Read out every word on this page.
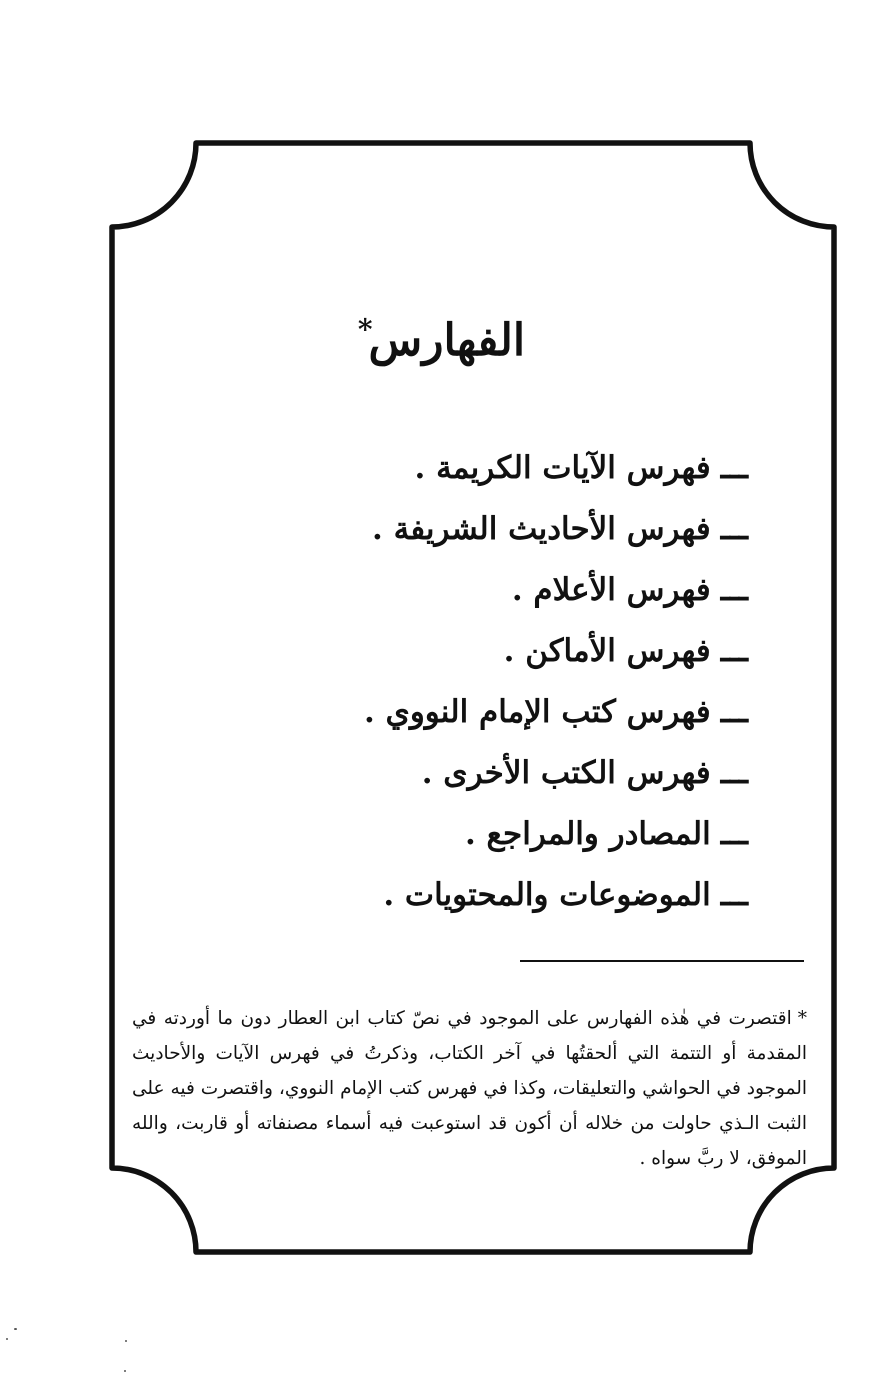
الفهارس*
ـــفهرس الآيات الكريمة .
ـــفهرس الأحاديث الشريفة .
ـــفهرس الأعلام .
ـــفهرس الأماكن .
ـــفهرس كتب الإمام النووي .
ـــفهرس الكتب الأخرى .
ـــالمصادر والمراجع .
ـــالموضوعات والمحتويات .

*اقتصرت في هٰذه الفهارس على الموجود في نصّ كتاب ابن العطار دون ما أوردته في المقدمة أو التتمة التي ألحقتُها في آخر الكتاب، وذكرتُ في فهرس الآيات والأحاديث الموجود في الحواشي والتعليقات، وكذا في فهرس كتب الإمام النووي، واقتصرت فيه على الثبت الـذي حاولت من خلاله أن أكون قد استوعبت فيه أسماء مصنفاته أو قاربت، والله الموفق، لا ربَّ سواه .
